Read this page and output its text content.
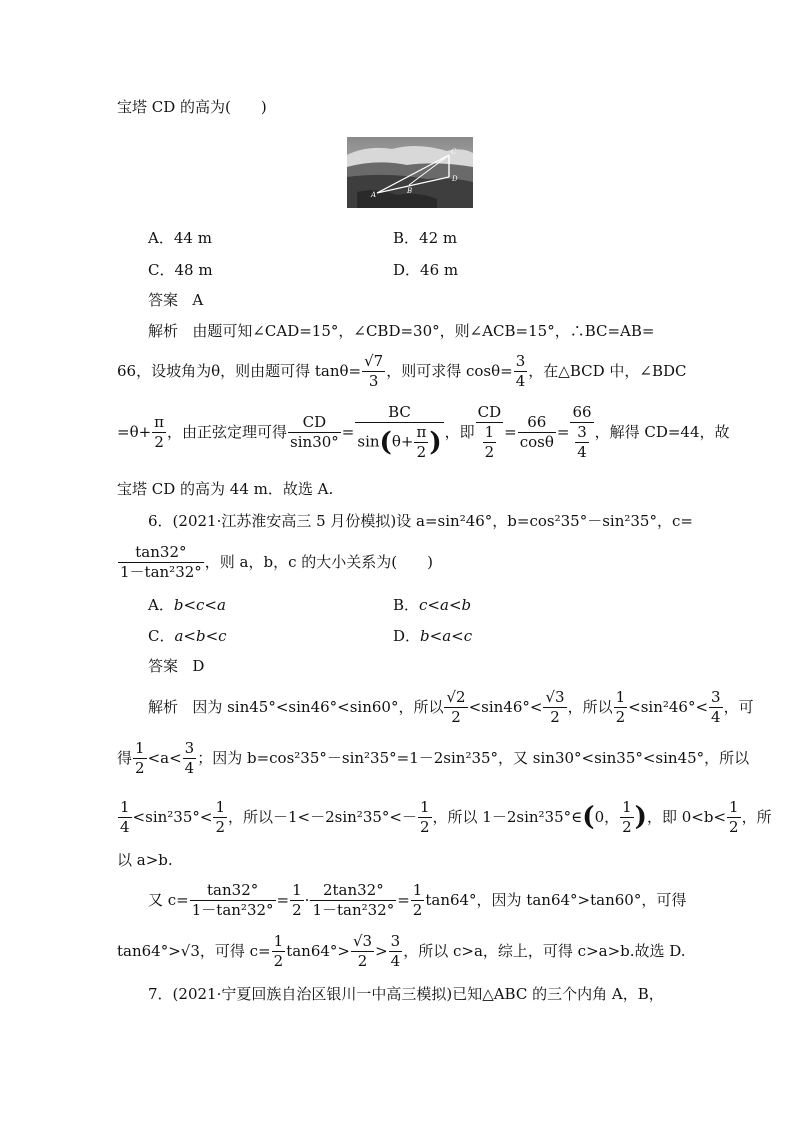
宝塔 CD 的高为(　　)
C
D
B
A
A．44 m	B．42 m
C．48 m	D．46 m
答案 A
解析 由题可知∠CAD=15°，∠CBD=30°，则∠ACB=15°，∴BC=AB=
66，设坡角为θ，则由题可得 $\tan\theta= \frac{√7}{3}$ ，则可求得 $\cos\theta= \frac{3}{4}$ ，在△BCD 中，∠BDC
$=\theta+ \frac{\pi}{2}$ ，由正弦定理可得 $\frac{CD}{\sin 30^\circ} = \frac{BC}{\sin(\theta+ \frac{\pi}{2} )}$ ，即 $\frac{CD}{\frac{1}{2}} = \frac{66}{\cos\theta} = \frac{66}{\frac{3}{4}}$ ，解得 CD=44，故
宝塔 CD 的高为 44 m．故选 A.
6．(2021·江苏淮安高三 5 月份模拟)设 a=sin²46°，b=cos²35°－sin²35°，c=
tan32°
1－tan²32°
，则 a，b，c 的大小关系为(　　)
A．b<c<a	B．c<a<b
C．a<b<c	D．b<a<c
答案 D
解析
因为 sin45°<sin46°<sin60°，所以
√2
2
<sin46°<
√3
2
，所以
1
2
<sin²46°<
3
4
，可
得
1
2
<a<
3
4
；因为 b=cos²35°－sin²35°=1－2sin²35°，又 sin30°<sin35°<sin45°，所以
1
4
<sin²35°<
1
2
，所以－1<－2sin²35°<－
1
2
，所以 1－2sin²35°∈ ( 0，
1
2 ) ，即 0<b<
1
2
，所
以 a>b.
又 $c= \frac{\tan 32^\circ}{\text{1－tan²32°}} = \frac{1}{2} \cdot \frac{2\tan 32^\circ}{\text{1－tan²32°}} = \frac{1}{2} \tan 64^\circ$，因为 tan64°>tan60°，可得
tan64°>√3，可得 $c= \frac{1}{2} \tan 64^\circ>$
√3
2
>
3
4
，所以 c>a，综上，可得 c>a>b.故选 D.
7．(2021·宁夏回族自治区银川一中高三模拟)已知△ABC 的三个内角 A，B，
